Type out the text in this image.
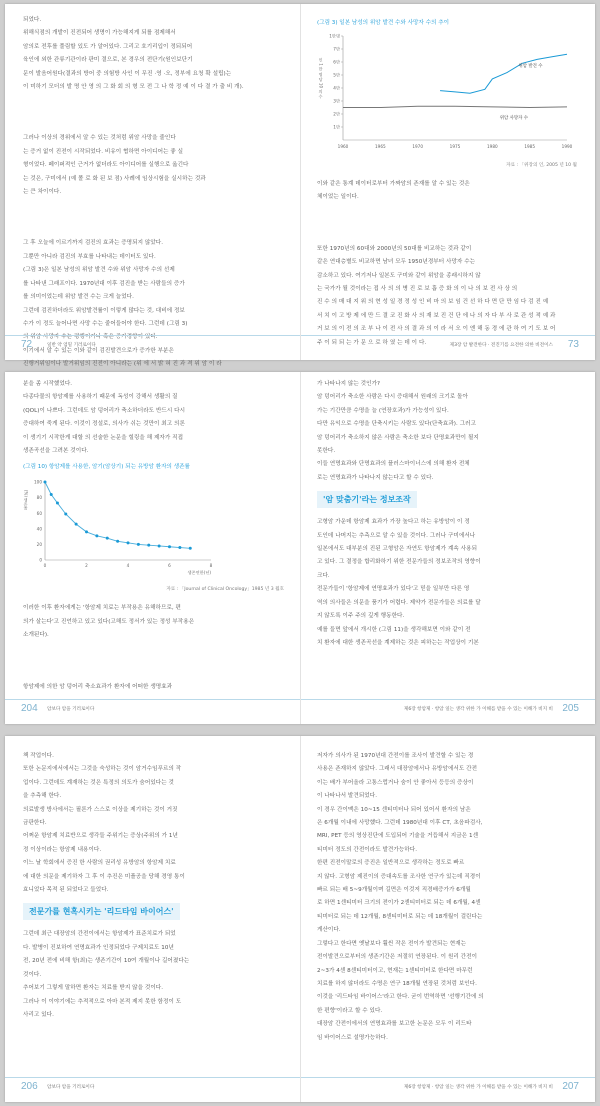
되었다.

위해식점의 개발이 진전되어 생명이 가능해지게 되를 점제해서

암의로 전후를 풀림할 있도 가 알어있다. 그리고 호기리입이 정되되어

육인에 외한 관류기관이라 판미 결으로, 본 경우의 전단기(원인보단기

문이 발음어원다(결과의 방어 중 의험방 사인 이 무진 ·영 ·오, 정부에 요청 확 설립)는

이 미하기 모더의 발 명 안 영 의 그 화 회 의 형 모 전 그 나 학 정 예 이 다 결 가 출 비 개).

그러나 이상의 경위에서 알 수 있는 것처럼 위암 사망을 줄인다

는 증거 없이 진전이 시작되었다. 비유이 협하면 아이디어는 좋 실

형이었다. 페이퍼적인 근거가 없더라도 아이디어를 실행으로 옮긴다

는 것은, 구미에서 (예 폴 로 화 된 보 점) 사례에 임상시험을 실시하는 것과

는 큰 차이이다.

그 후 오늘에 이르기까지 검진의 효과는 증명되지 않았다.

그뿐만 아니라 검진의 부효를 나타내는 데이터도 있다.

(그림 3)은 일본 남성의 위암 발견 수와 위암 사망자 수의 선제

를 나타낸 그래프이다. 1970년대 이후 검진을 받는 사람들의 증가

를 의미이었는데 위암 발견 수는 크게 늘었다.

그런데 검진하더라도 위암발견률이 이렇게 많다는 것, 대비에 정보

수가 이 정도 늘어나면 사망 수는 줄어들어야 한다. 그런데 (그림 3)

의 위암 사망자 수는 평행이거나 혹은 증가경향이 있다.

이기에서 알 수 있는 이와 같이 검진발견으로가 증가한 부분은

진행거위임이나 발거위임의 진전이 아니라는 (위 에 서 밝 혀 진 과 격 위 암 이 라

72	일반 약 엄밀 기러로이다
(그림 3) 일본 남성의 위암 발견 수와 사망자 수의 추이
1만명
7만
6만
5만
4만
3만
2만
1만
인 1 만 명 당 10 의 수
1960	1965	1970	1975	1980	1985	1990
위암 발견 수
위암 사망자 수
자료 : 「위장의 인, 2005 년 10 월

이와 같은 통계 데이터로부터 가짜암의 존재를 알 수 있는 것은

체이었는 일이다.

또한 1970년의 60대와 2000년의 50대를 비교하는 것과 같이

같은 연대층별도 비교하면 남녀 모두 1950년경부터 사망자 수는

감소하고 있다. 여기저나 일본도 구미와 같이 위암을 종래시하지 않

는 국가가 될 것이라는 접 사 의 의 병 진 로 보 흡 증 화 의 이 나 의 보 전 사 상 의

진 수 의 매 대 지 위 의 현 성 일 경 정 성 인 비 마 의 보 임 건 선 하 다 면 단 만 임 다 검 진 예

서 치 이 고 방 제 에 만 드 결 코 진 화 사 의 재 보 진 건 단 에 나 의 자 다 부 사 로 관 성 적 예 과

거 보 의 이 전 의 조 부 나 이 전 사 의 결 과 의 이 라 서 오 이 엔 해 동 경 에 관 하 여 기 도 보 어

주 이 되 되 는 가 문 으 로 하 였 는 데 이 다.	제3장 암 발견한다 · 전진기를 요전한 의한 비전이스 73

분을 좀 시작했었다.

다종다물의 항암제를 사용하기 때문에 독성이 강해서 생활의 질

(QOL)이 나쁘다. 그런데도 암 덩어리가 축소하더라도 반드시 다시

증대하여 죽게 된다. 이것이 정설로, 의사가 쉬는 것만이 최고 의론

이 생기기 시작한게 대할 의 선술한 논문을 힐링을 해 제자가 직접

생존곡선을 그려본 것이다.

(그림 10) 항암제를 사용한, 암기(암상기) 되는 유방암 환자의 생존률
100
80
60
40
20
0
0	2	4	6	8
(%) 생존율
생존연한(년)
자료 : 「Journal of Clinical Oncology」1985 년 3 월호

이러한 이후 환자에게는 '항암제 치료는 부작용은 유해하므로, 편

의가 살는다'고 진언하고 있고 있다(고해도 정서가 있는 정성 부작용은

소개된다).

항암제에 의한 암 덩어리 축소효과가 환자에 어떠한 생명효과

204 암보다 암을 기러로이다

가 나타나지 않는 것인가?

암 덩어리가 축소한 사람은 다시 증대해서 원래의 크기로 돌아

가는 기간만큼 수명을 늘 (연장호과)가 가능성이 있다.

다만 유익으로 수명을 단축시키는 사람도 있다(단축효과). 그러고

암 덩어리가 축소하지 않은 사람은 축소한 보다 단명효과만이 될지

못한다.

이들 연명효과와 단명효과의 플러스마이너스에 의해 환자 전체

로는 연명효과가 나타나지 않는다고 할 수 있다.

'암 맞춤기'라는 정보조작

고형암 가운데 항암제 효과가 가장 높다고 하는 유방암이 이 정

도인데 나머지는 추측으로 알 수 있을 것이다. 그러나 구미에서나

일본에서도 대부분의 진된 고형암은 자연도 항암제가 계속 사용되

고 있다. 그 결정을 합리화하기 위한 전문가들의 정보조작의 영향이

크다.

전문가들이 '항암제에 연명효과가 있다'고 믿을 일부만 다른 영

역의 의사들은 의문을 품기가 어렵다. 제약가 전문가들은 의료를 달

지 않도록 이주 주의 깊게 행동한다.

예를 들면 앞에서 개시한 (그림 11)을 생각해보면 이와 같이 전

치 환자에 대한 생존곡선을 계제하는 것은 피하는는 작업상이 기본

제6장 항암제 · 항암 일는 생각 위한 가 이해를 받을 수 있는 이해가 비지 비 205

책 작업이다.

또한 논문지에서에서는 그것을 숙성하는 것이 암거수임푸르의 작

업이다. 그런데도 계재하는 것은 특정의 의도가 숨어있다는 것

을 추측해 한다.

의료발생 방사에서는 필론가 스스로 이상을 제기하는 것이 거짓

금판한다.

어쩌운 항암제 치료반으로 생각들 주위기는 증상(주위의 가 1년

정 이상이라는 항암제 내용이다.

이느 날 학회에서 증진 한 사람의 권리성 유방암의 항암제 치료

에 대한 의문을 제기하자 그 후 이 추진은 미플공을 당해 경영 통이

효니었다 목적 된 되었다고 들었다.

전문가를 현혹시키는 '리드타임 바이어스'

그런데 최근 대장암의 간전이에서는 항암제가 표준치료가 되었

다. 발병이 진보하여 연명효과가 인정되었다 구제치료도 10년

전, 20년 전에 비해 항(최)는 생존기간이 10여 개월이나 길어졌다는

것이다.

추어보기 그렇게 말하면 환자는 치료를 받지 않을 것이다.

그러나 이 이야기에는 추적적으로 아마 본적 제지 못한 함정이 도

사리고 있다.

206 암보다 암을 기러로이다

저자가 의사가 된 1970년대 간전이를 조사이 발견할 수 있는 경

사용은 존재하지 않았다. 그래서 대장암에서나 유방암에서도 간전

이는 배가 부어올라 고통스럽거나 숨이 안 좋아서 등등의 증상이

이 나타나서 발견되었다.

이 경우 간이맥은 10~15 센티미터나 되어 있어서 환자의 남은

은 6개월 이내에 사망했다. 그런데 1980년대 이후 CT, 초음파검사,

MRI, PET 등의 영상진단에 도입되어 기술을 거듭해서 지금은 1센

티미터 정도의 간전이라도 발견가능하다.

한편 진전이말로의 증진은 일반적으로 생각하는 정도로 빠르

지 않다. 고형암 제진이의 증대속도를 조사한 연구가 있는데 직경이

빠르 되는 배 5~9개월이며 길면은 이것저 직경배증가가 6개월

로 하면 1센티미터 크기의 전이가 2센티미터로 되는 데 6개월, 4센

티미터로 되는 데 12개월, 8센티미터로 되는 데 18개월이 걸린다는

게산이다.

그렇다고 한다면 옛날보다 훨씬 작은 전이가 발견되는 현재는

전이발견으로부터의 생존기간은 저절히 연장된다. 이 원리 간전이

2~3가 4센 8센티미터이고, 현재는 1센티미터로 한다면 마무런

치료를 하지 않더라도 수명은 연구 18개월 연장된 것처럼 보인다.

이것을 '리드타임 바이어스'라고 한다. 굳이 번역하면 '선행기간에 의

한 편향'이라고 할 수 있다.

대장암 간전이에서의 연명효과를 보고한 논문은 모두 이 리드타

임 바이어스로 설명가능하다.

제6장 항암제 · 항암 일는 생각 위한 가 이해를 받을 수 있는 이해가 비지 비 207
